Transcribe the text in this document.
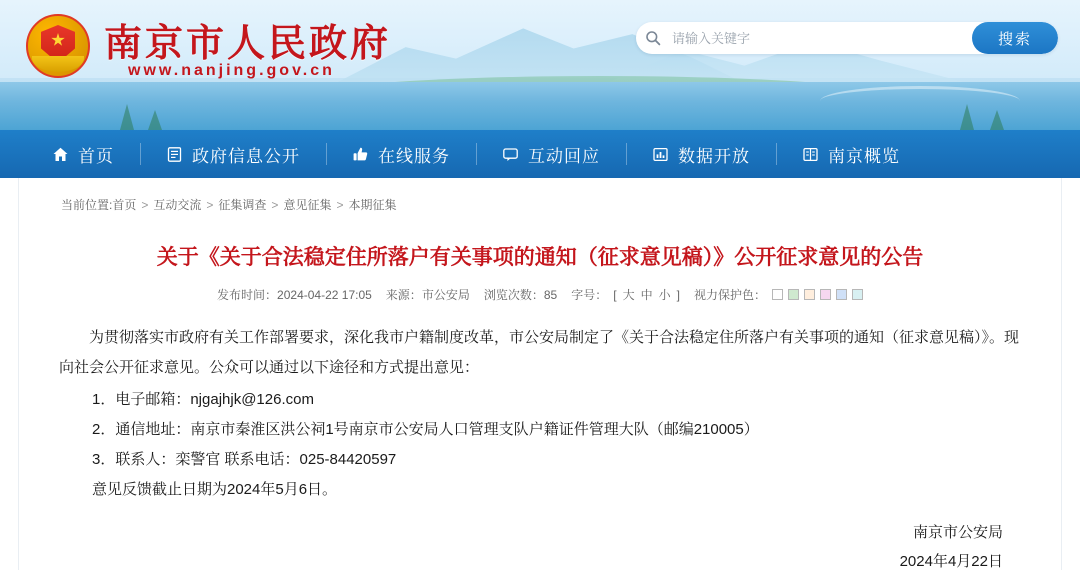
南京市人民政府
www.nanjing.gov.cn
请输入关键字
搜索
首页	政府信息公开	在线服务	互动回应	数据开放	南京概览
当前位置:首页 > 互动交流 > 征集调查 > 意见征集 > 本期征集
关于《关于合法稳定住所落户有关事项的通知（征求意见稿）》公开征求意见的公告
发布时间：2024-04-22 17:05 来源：市公安局 浏览次数：85 字号： [ 大 中 小 ] 视力保护色：

为贯彻落实市政府有关工作部署要求，深化我市户籍制度改革，市公安局制定了《关于合法稳定住所落户有关事项的通知（征求意见稿）》。现向社会公开征求意见。公众可以通过以下途径和方式提出意见：

1．电子邮箱：njgajhjk@126.com
2．通信地址：南京市秦淮区洪公祠1号南京市公安局人口管理支队户籍证件管理大队（邮编210005）
3．联系人：栾警官 联系电话：025-84420597

意见反馈截止日期为2024年5月6日。

南京市公安局
2024年4月22日
